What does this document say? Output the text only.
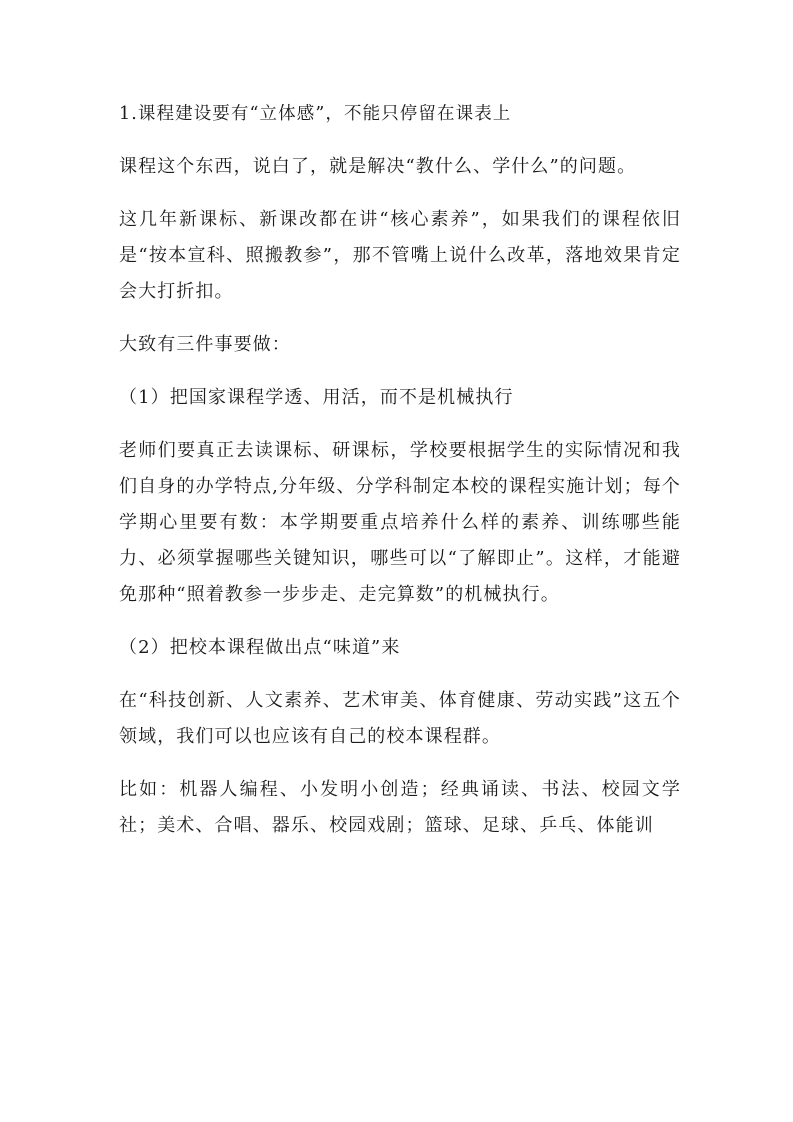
1.课程建设要有“立体感”，不能只停留在课表上

课程这个东西，说白了，就是解决“教什么、学什么”的问题。

这几年新课标、新课改都在讲“核心素养”，如果我们的课程依旧是“按本宣科、照搬教参”，那不管嘴上说什么改革，落地效果肯定会大打折扣。

大致有三件事要做：

（1）把国家课程学透、用活，而不是机械执行

老师们要真正去读课标、研课标，学校要根据学生的实际情况和我们自身的办学特点,分年级、分学科制定本校的课程实施计划；每个学期心里要有数：本学期要重点培养什么样的素养、训练哪些能力、必须掌握哪些关键知识，哪些可以“了解即止”。这样，才能避免那种“照着教参一步步走、走完算数”的机械执行。

（2）把校本课程做出点“味道”来

在“科技创新、人文素养、艺术审美、体育健康、劳动实践”这五个领域，我们可以也应该有自己的校本课程群。

比如：机器人编程、小发明小创造；经典诵读、书法、校园文学社；美术、合唱、器乐、校园戏剧；篮球、足球、乒乓、体能训
